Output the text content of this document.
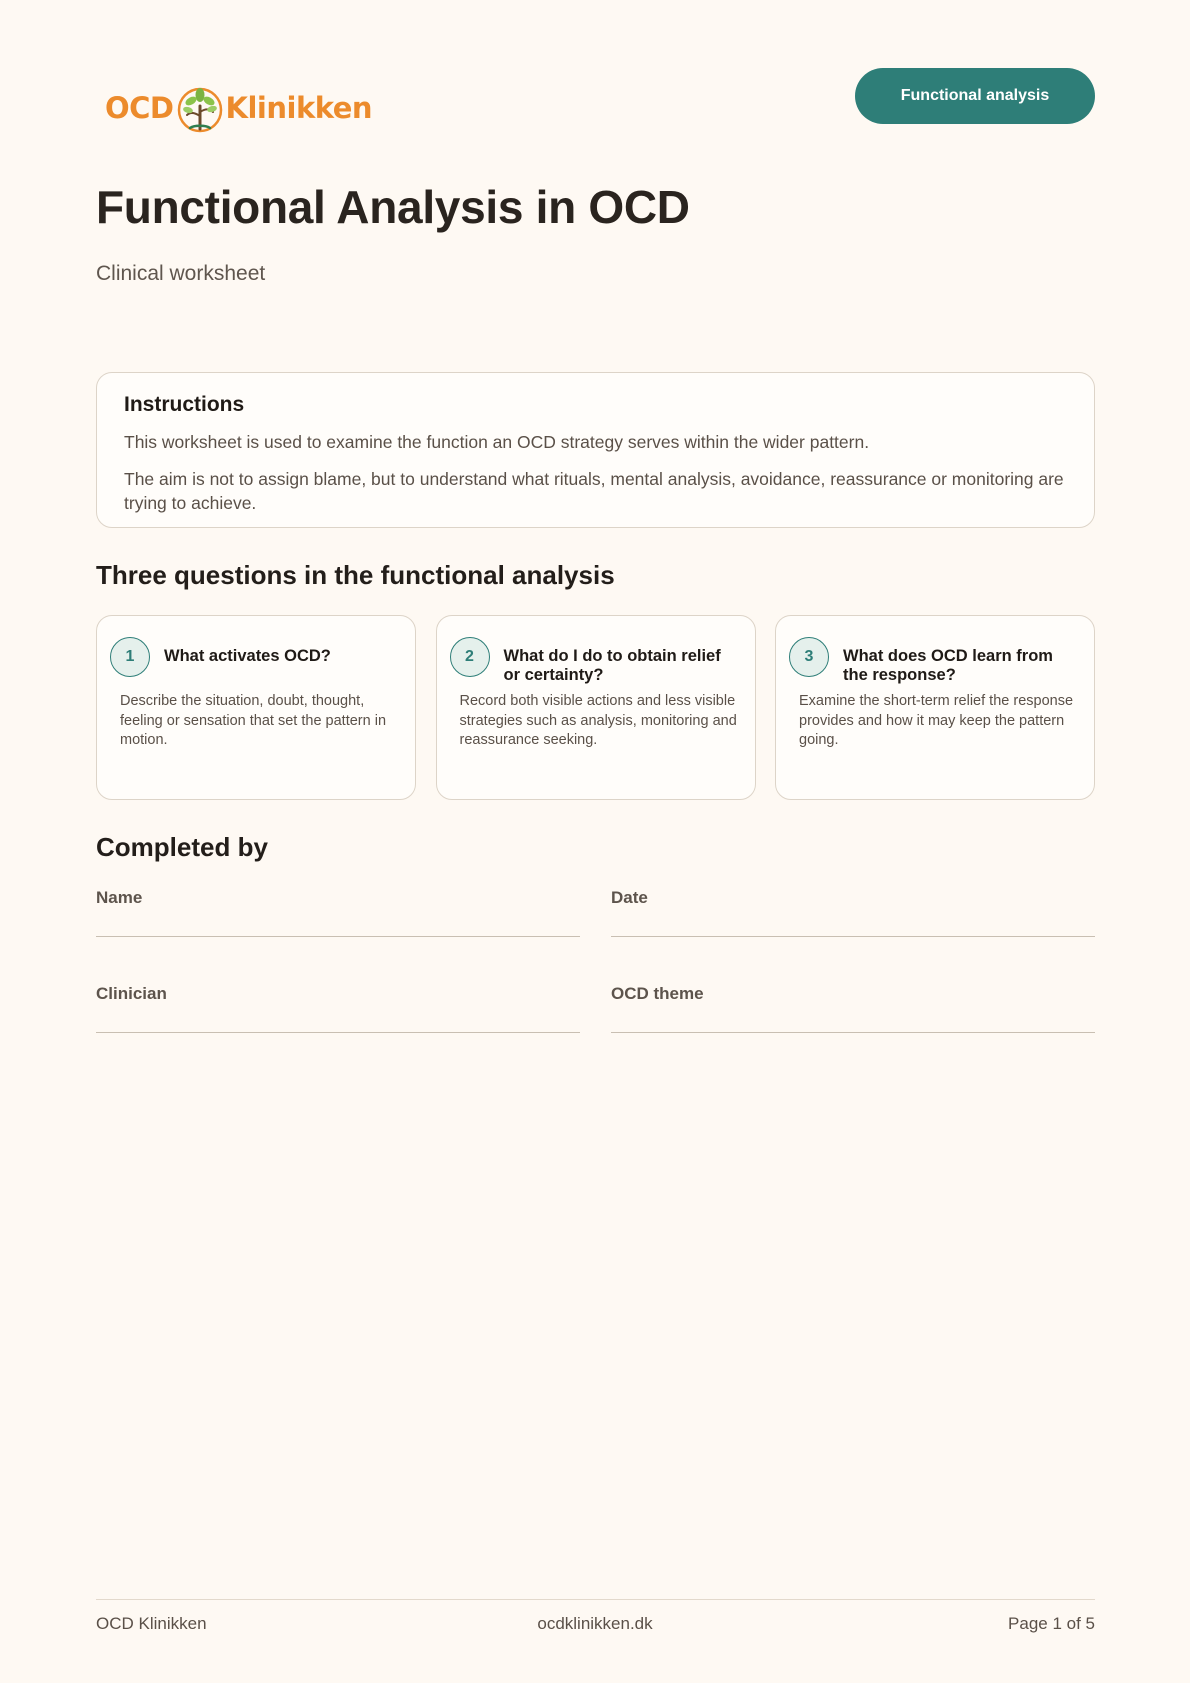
OCD Klinikken	Functional analysis
Functional Analysis in OCD
Clinical worksheet
Instructions

This worksheet is used to examine the function an OCD strategy serves within the wider pattern.

The aim is not to assign blame, but to understand what rituals, mental analysis, avoidance, reassurance or monitoring are trying to achieve.

Three questions in the functional analysis
1	What activates OCD?

Describe the situation, doubt, thought, feeling or sensation that set the pattern in motion.

2	What do I do to obtain relief or certainty?

Record both visible actions and less visible strategies such as analysis, monitoring and reassurance seeking.

3	What does OCD learn from the response?

Examine the short-term relief the response provides and how it may keep the pattern going.

Completed by
Name	Date
Clinician	OCD theme
OCD Klinikken	ocdklinikken.dk	Page 1 of 5
